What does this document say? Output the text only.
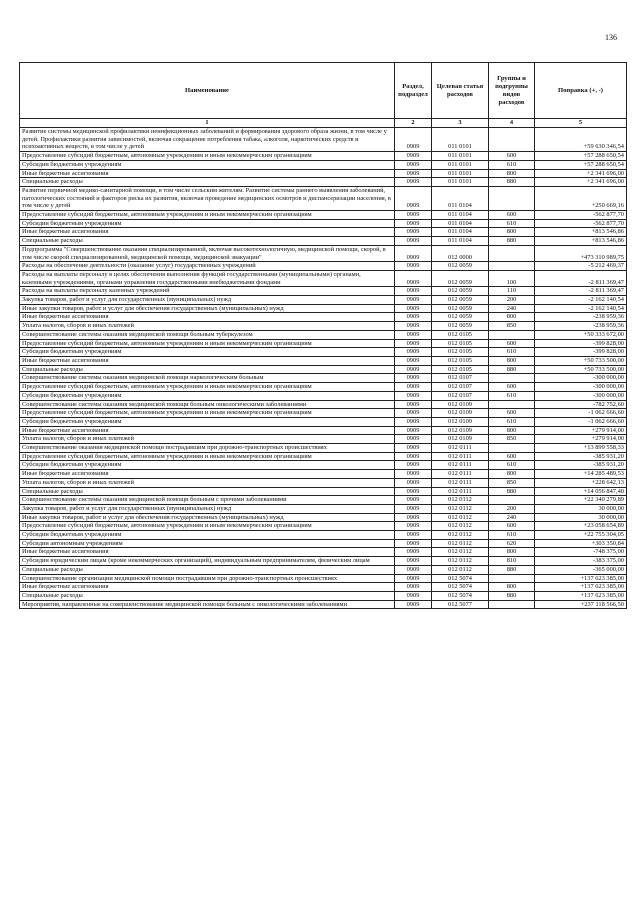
136
Наименование	Раздел, подраздел	Целевая статья расходов	Группы и подгруппы видов расходов	Поправка (+, -)
1	2	3	4	5
Развитие системы медицинской профилактики неинфекционных заболеваний и формирования здорового образа жизни, в том числе у детей. Профилактики развития зависимостей, включая сокращение потребления табака, алкоголя, наркотических средств и психоактивных веществ, в том числе у детей	0909	011 0101		+59 630 346,54
Предоставление субсидий бюджетным, автономным учреждениям и иным некоммерческим организациям	0909	011 0101	600	+57 288 650,54
Субсидии бюджетным учреждениям	0909	011 0101	610	+57 288 650,54
Иные бюджетные ассигнования	0909	011 0101	800	+2 341 696,00
Специальные расходы	0909	011 0101	880	+2 341 696,00
Развитие первичной медико-санитарной помощи, в том числе сельским жителям. Развитие системы раннего выявления заболеваний, патологических состояний и факторов риска их развития, включая проведение медицинских осмотров и диспансеризации населения, в том числе у детей	0909	011 0104		+250 669,16
Предоставление субсидий бюджетным, автономным учреждениям и иным некоммерческим организациям	0909	011 0104	600	-562 877,70
Субсидии бюджетным учреждениям	0909	011 0104	610	-562 877,70
Иные бюджетные ассигнования	0909	011 0104	800	+813 546,86
Специальные расходы	0909	011 0104	880	+813 546,86
Подпрограмма "Совершенствование оказания специализированной, включая высокотехнологичную, медицинской помощи, скорой, в том числе скорой специализированной, медицинской помощи, медицинской эвакуации"	0909	012 0000		+473 310 989,75
Расходы на обеспечение деятельности (оказание услуг) государственных учреждений	0909	012 0059		-5 212 469,37
Расходы на выплаты персоналу в целях обеспечения выполнения функций государственными (муниципальными) органами, казенными учреждениями, органами управления государственными внебюджетными фондами	0909	012 0059	100	-2 811 369,47
Расходы на выплаты персоналу казенных учреждений	0909	012 0059	110	-2 811 369,47
Закупка товаров, работ и услуг для государственных (муниципальных) нужд	0909	012 0059	200	-2 162 140,54
Иные закупки товаров, работ и услуг для обеспечения государственных (муниципальных) нужд	0909	012 0059	240	-2 162 140,54
Иные бюджетные ассигнования	0909	012 0059	800	-238 959,36
Уплата налогов, сборов и иных платежей	0909	012 0059	850	-238 959,36
Совершенствование системы оказания медицинской помощи больным туберкулезом	0909	012 0105		+50 333 672,00
Предоставление субсидий бюджетным, автономным учреждениям и иным некоммерческим организациям	0909	012 0105	600	-399 828,00
Субсидии бюджетным учреждениям	0909	012 0105	610	-399 828,00
Иные бюджетные ассигнования	0909	012 0105	800	+50 733 500,00
Специальные расходы	0909	012 0105	880	+50 733 500,00
Совершенствование системы оказания медицинской помощи наркологическим больным	0909	012 0107		-300 000,00
Предоставление субсидий бюджетным, автономным учреждениям и иным некоммерческим организациям	0909	012 0107	600	-300 000,00
Субсидии бюджетным учреждениям	0909	012 0107	610	-300 000,00
Совершенствование системы оказания медицинской помощи больным онкологическими заболеваниями	0909	012 0109		-782 752,60
Предоставление субсидий бюджетным, автономным учреждениям и иным некоммерческим организациям	0909	012 0109	600	-1 062 666,60
Субсидии бюджетным учреждениям	0909	012 0109	610	-1 062 666,60
Иные бюджетные ассигнования	0909	012 0109	800	+279 914,00
Уплата налогов, сборов и иных платежей	0909	012 0109	850	+279 914,00
Совершенствование оказания медицинской помощи пострадавшим при дорожно-транспортных происшествиях	0909	012 0111		+13 899 558,33
Предоставление субсидий бюджетным, автономным учреждениям и иным некоммерческим организациям	0909	012 0111	600	-385 931,20
Субсидии бюджетным учреждениям	0909	012 0111	610	-385 931,20
Иные бюджетные ассигнования	0909	012 0111	800	+14 285 489,53
Уплата налогов, сборов и иных платежей	0909	012 0111	850	+228 642,13
Специальные расходы	0909	012 0111	880	+14 056 847,40
Совершенствование системы оказания медицинской помощи больным с прочими заболеваниями	0909	012 0112		+22 340 279,89
Закупка товаров, работ и услуг для государственных (муниципальных) нужд	0909	012 0112	200	30 000,00
Иные закупки товаров, работ и услуг для обеспечения государственных (муниципальных) нужд	0909	012 0112	240	30 000,00
Предоставление субсидий бюджетным, автономным учреждениям и иным некоммерческим организациям	0909	012 0112	600	+23 058 654,89
Субсидии бюджетным учреждениям	0909	012 0112	610	+22 755 304,05
Субсидии автономным учреждениям	0909	012 0112	620	+303 350,84
Иные бюджетные ассигнования	0909	012 0112	800	-748 375,00
Субсидии юридическим лицам (кроме некоммерческих организаций), индивидуальным предпринимателям, физическим лицам	0909	012 0112	810	-383 375,00
Специальные расходы	0909	012 0112	880	-365 000,00
Совершенствование организации медицинской помощи пострадавшим при дорожно-транспортных происшествиях	0909	012 5074		+137 623 385,00
Иные бюджетные ассигнования	0909	012 5074	800	+137 623 385,00
Специальные расходы	0909	012 5074	880	+137 623 385,00
Мероприятия, направленные на совершенствование медицинской помощи больным с онкологическими заболеваниями	0909	012 5077		+237 118 566,50
